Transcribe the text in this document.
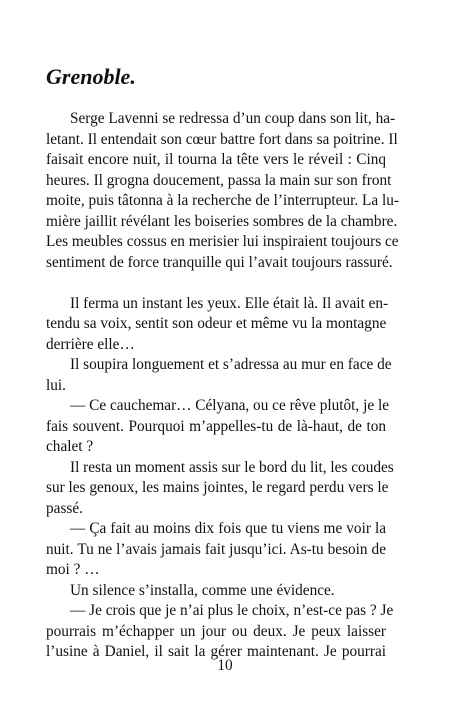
Grenoble.
Serge Lavenni se redressa d’un coup dans son lit, ha-
letant. Il entendait son cœur battre fort dans sa poitrine. Il
faisait encore nuit, il tourna la tête vers le réveil : Cinq
heures. Il grogna doucement, passa la main sur son front
moite, puis tâtonna à la recherche de l’interrupteur. La lu-
mière jaillit révélant les boiseries sombres de la chambre.
Les meubles cossus en merisier lui inspiraient toujours ce
sentiment de force tranquille qui l’avait toujours rassuré.
Il ferma un instant les yeux. Elle était là. Il avait en-
tendu sa voix, sentit son odeur et même vu la montagne
derrière elle…
Il soupira longuement et s’adressa au mur en face de
lui.
— Ce cauchemar… Célyana, ou ce rêve plutôt, je le
fais souvent. Pourquoi m’appelles-tu de là-haut, de ton
chalet ?
Il resta un moment assis sur le bord du lit, les coudes
sur les genoux, les mains jointes, le regard perdu vers le
passé.
— Ça fait au moins dix fois que tu viens me voir la
nuit. Tu ne l’avais jamais fait jusqu’ici. As-tu besoin de
moi ? …
Un silence s’installa, comme une évidence.
— Je crois que je n’ai plus le choix, n’est-ce pas ? Je
pourrais m’échapper un jour ou deux. Je peux laisser
l’usine à Daniel, il sait la gérer maintenant. Je pourrai
10
